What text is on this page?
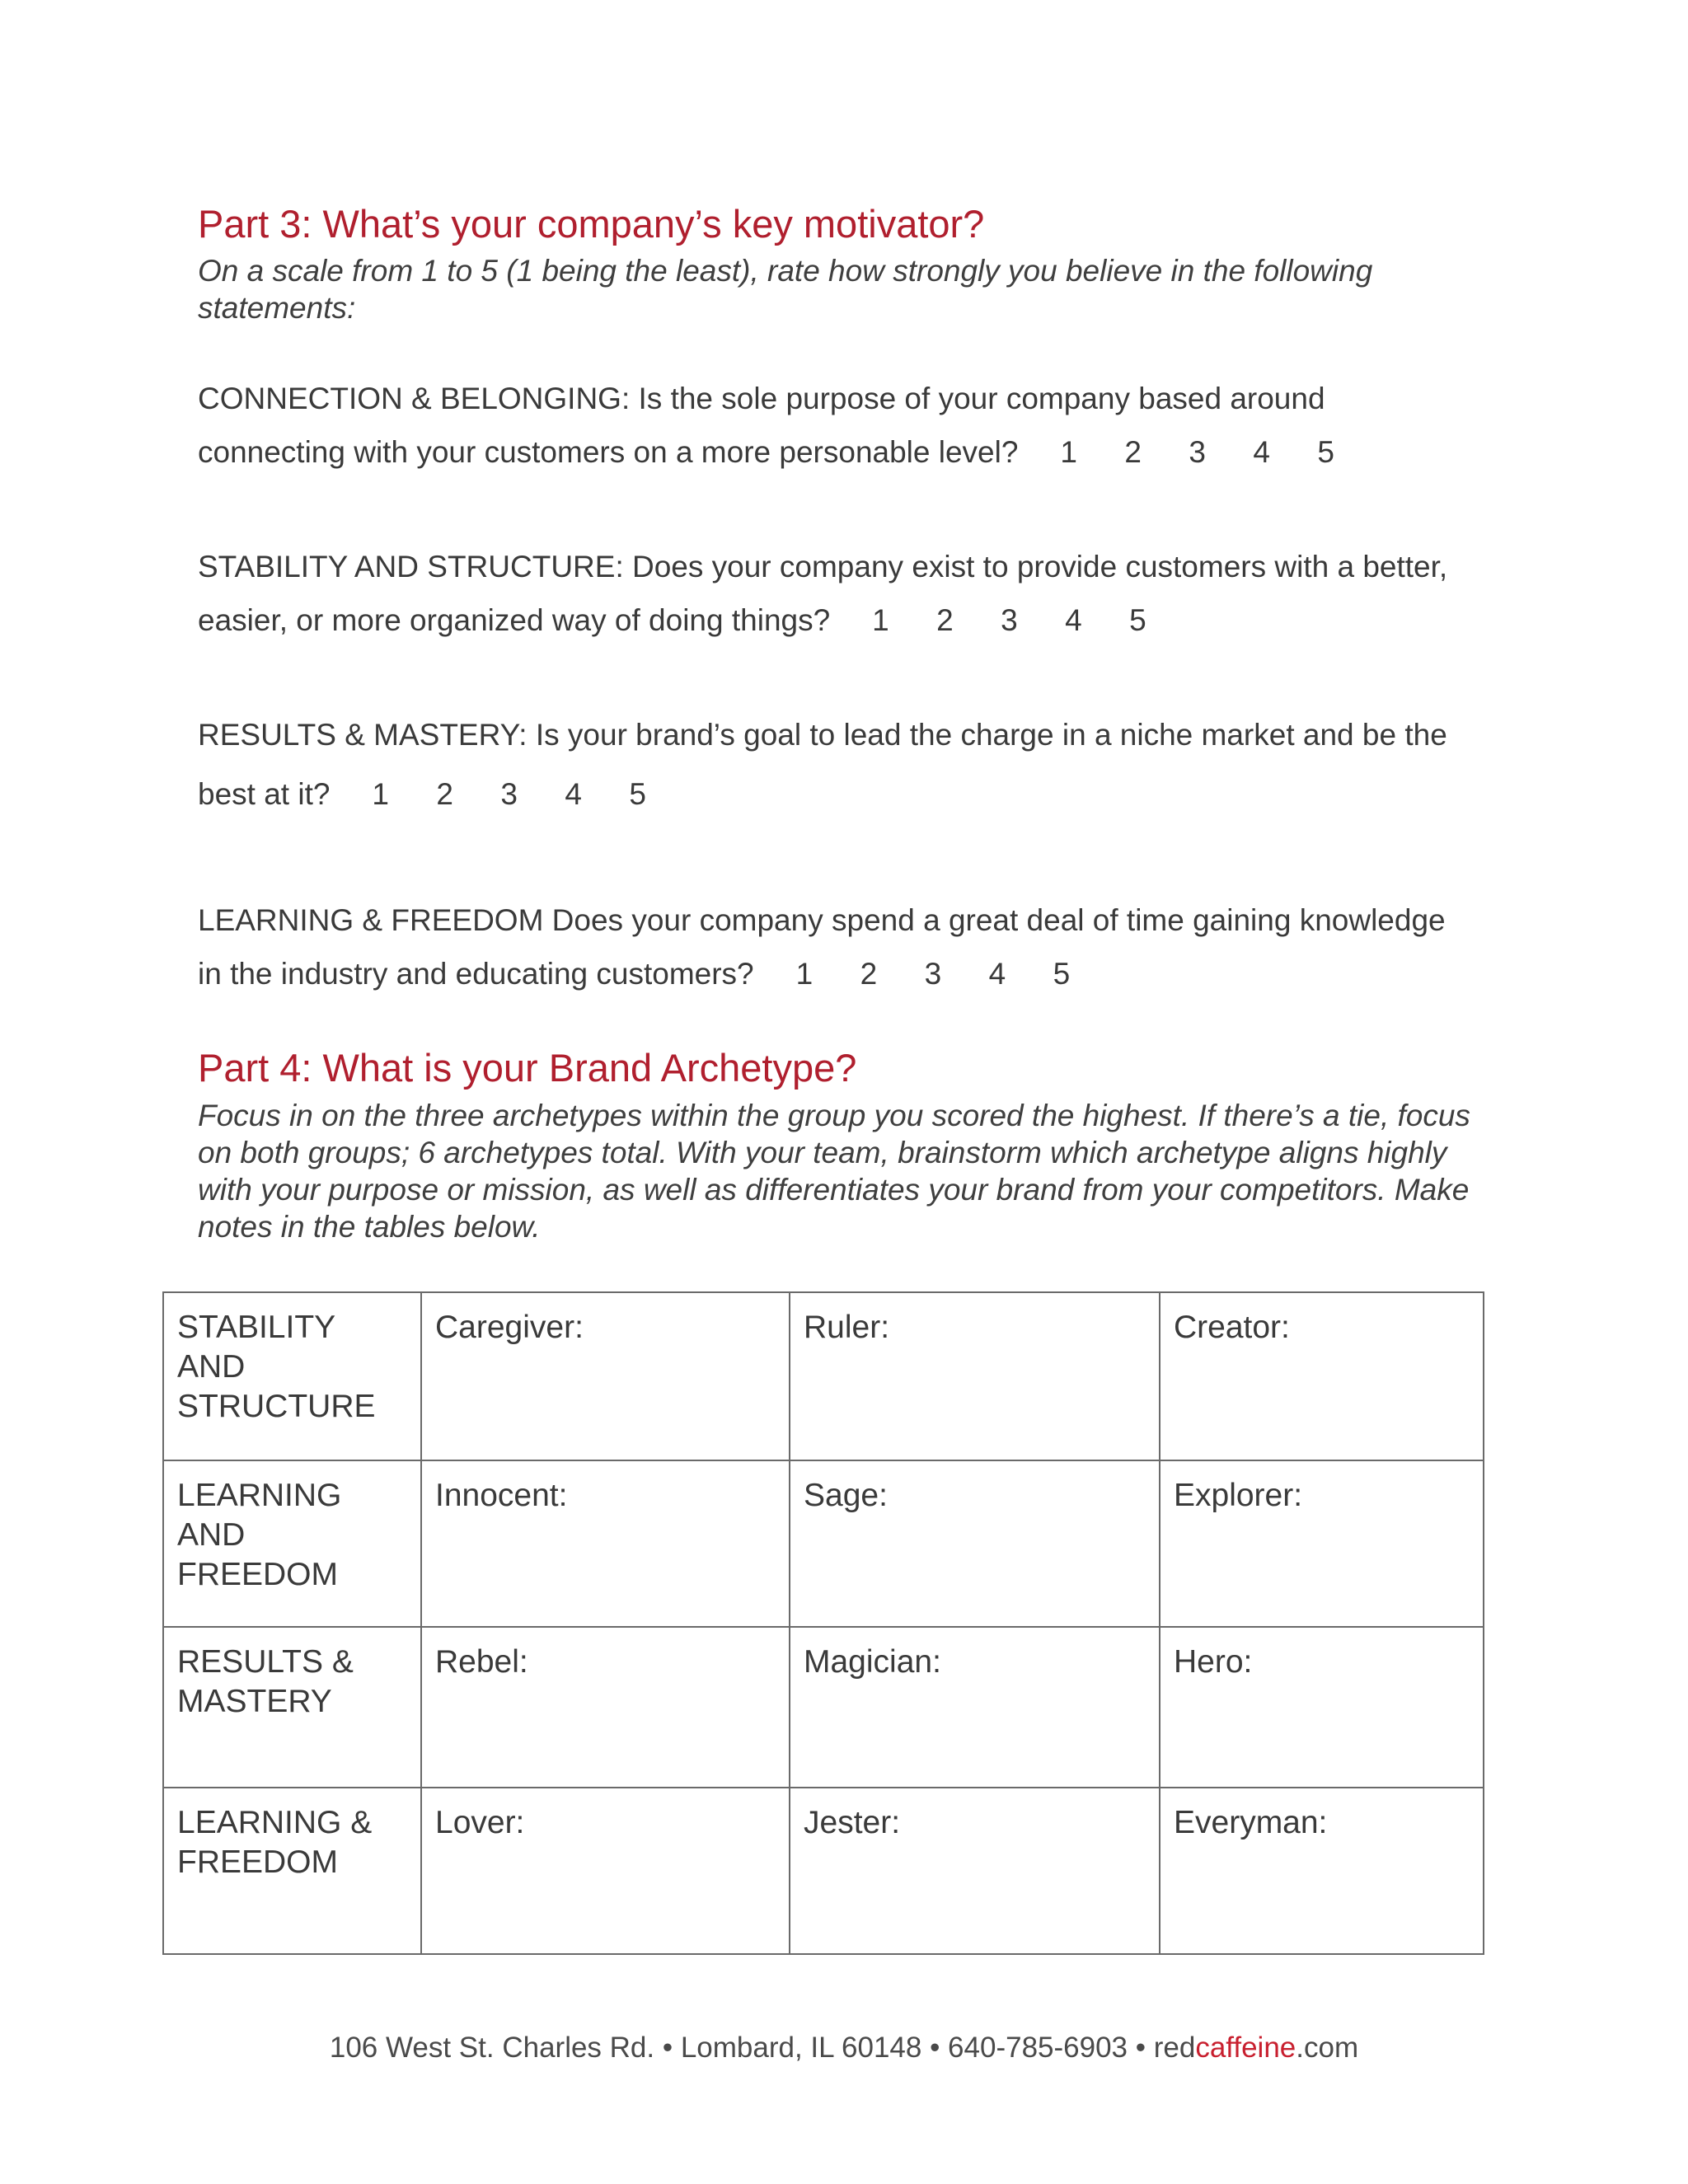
Part 3: What’s your company’s key motivator?

On a scale from 1 to 5 (1 being the least), rate how strongly you believe in the following statements:

CONNECTION & BELONGING: Is the sole purpose of your company based around connecting with your customers on a more personable level? 1 2 3 4 5

STABILITY AND STRUCTURE: Does your company exist to provide customers with a better, easier, or more organized way of doing things? 1 2 3 4 5

RESULTS & MASTERY: Is your brand’s goal to lead the charge in a niche market and be the best at it? 1 2 3 4 5

LEARNING & FREEDOM Does your company spend a great deal of time gaining knowledge in the industry and educating customers? 1 2 3 4 5

Part 4: What is your Brand Archetype?

Focus in on the three archetypes within the group you scored the highest. If there’s a tie, focus on both groups; 6 archetypes total. With your team, brainstorm which archetype aligns highly with your purpose or mission, as well as differentiates your brand from your competitors. Make notes in the tables below.

STABILITY AND STRUCTURE	Caregiver:	Ruler:	Creator:
LEARNING AND FREEDOM	Innocent:	Sage:	Explorer:
RESULTS & MASTERY	Rebel:	Magician:	Hero:
LEARNING & FREEDOM	Lover:	Jester:	Everyman:

106 West St. Charles Rd. • Lombard, IL 60148 • 640-785-6903 • redcaffeine.com
